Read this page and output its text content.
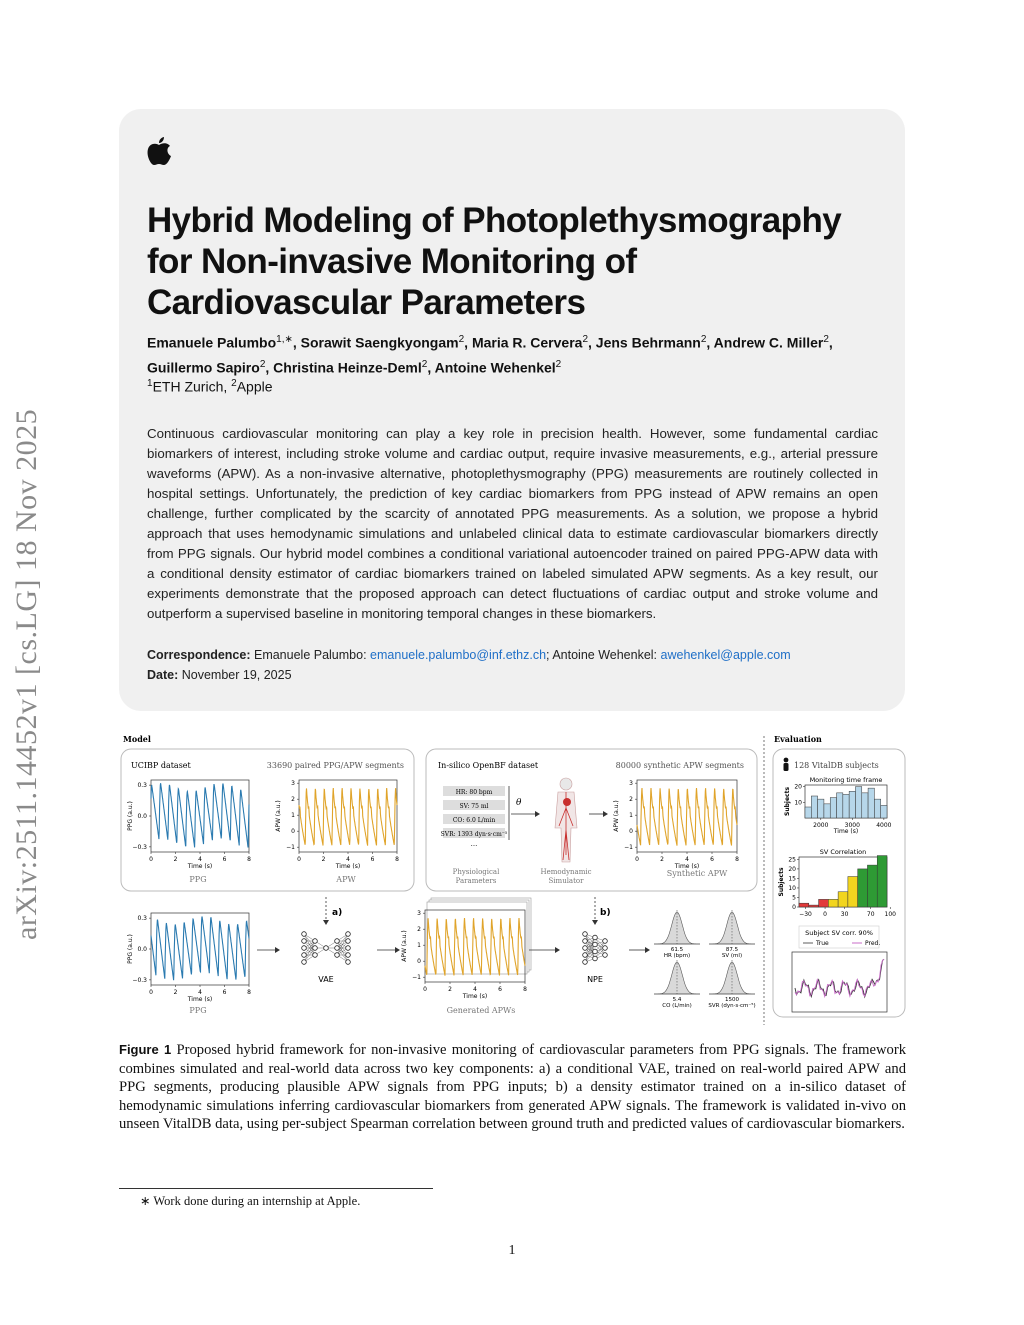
arXiv:2511.14452v1 [cs.LG] 18 Nov 2025
Hybrid Modeling of Photoplethysmography for Non-invasive Monitoring of Cardiovascular Parameters
Emanuele Palumbo$^{1,∗}$, Sorawit Saengkyongam$^2$, Maria R. Cervera$^2$, Jens Behrmann$^2$, Andrew C. Miller$^2$,
Guillermo Sapiro$^2$, Christina Heinze-Deml$^2$, Antoine Wehenkel$^2$
$^1$ETH Zurich, $^2$Apple

Continuous cardiovascular monitoring can play a key role in precision health. However, some fundamental cardiac biomarkers of interest, including stroke volume and cardiac output, require invasive measurements, e.g., arterial pressure waveforms (APW). As a non-invasive alternative, photoplethysmography (PPG) measurements are routinely collected in hospital settings. Unfortunately, the prediction of key cardiac biomarkers from PPG instead of APW remains an open challenge, further complicated by the scarcity of annotated PPG measurements. As a solution, we propose a hybrid approach that uses hemodynamic simulations and unlabeled clinical data to estimate cardiovascular biomarkers directly from PPG signals. Our hybrid model combines a conditional variational autoencoder trained on paired PPG-APW data with a conditional density estimator of cardiac biomarkers trained on labeled simulated APW segments. As a key result, our experiments demonstrate that the proposed approach can detect fluctuations of cardiac output and stroke volume and outperform a supervised baseline in monitoring temporal changes in these biomarkers.

Correspondence: Emanuele Palumbo: emanuele.palumbo@inf.ethz.ch; Antoine Wehenkel: awehenkel@apple.com
Date: November 19, 2025
Model	Evaluation
UCIBP dataset	33690 paired PPG/APW segments
PPG	APW
In-silico OpenBF dataset	80000 synthetic APW segments
HR: 80 bpm
SV: 75 ml
CO: 6.0 L/min
SVR: 1393 dyn·s·cm⁻⁵
...
θ
Physiological
Parameters
Hemodynamic
Simulator
Synthetic APW
128 VitalDB subjects
0	2	4	6	8
−0.3
0.0
0.3
Time (s)
PPG (a.u.)
0	2	4	6	8
−1
0
1
2
3
Time (s)
APW (a.u.)
0	2	4	6	8
−1
0
1
2
3
Time (s)
APW (a.u.)
0	2	4	6	8
−0.3
0.0
0.3
Time (s)
PPG (a.u.)
0	2	4	6	8
−1
0
1
2
3
Time (s)
APW (a.u.)
Monitoring time frame
2000	3000	4000
10
20
Time (s)
Subjects
SV Correlation
−30 0 30	70 100
0
5
10
15
20
25
Subjects
PPG
VAE
a)
Generated APWs
NPE
b)
61.5
HR (bpm)
87.5
SV (ml)
5.4
CO (L/min)
1500
SVR (dyn·s·cm⁻⁵)
Subject SV corr. 90%
True	Pred.

Figure 1 Proposed hybrid framework for non-invasive monitoring of cardiovascular parameters from PPG signals. The framework combines simulated and real-world data across two key components: a) a conditional VAE, trained on real-world paired APW and PPG segments, producing plausible APW signals from PPG inputs; b) a density estimator trained on a in-silico dataset of hemodynamic simulations inferring cardiovascular biomarkers from generated APW signals. The framework is validated in-vivo on unseen VitalDB data, using per-subject Spearman correlation between ground truth and predicted values of cardiovascular biomarkers.

∗ Work done during an internship at Apple.
1
